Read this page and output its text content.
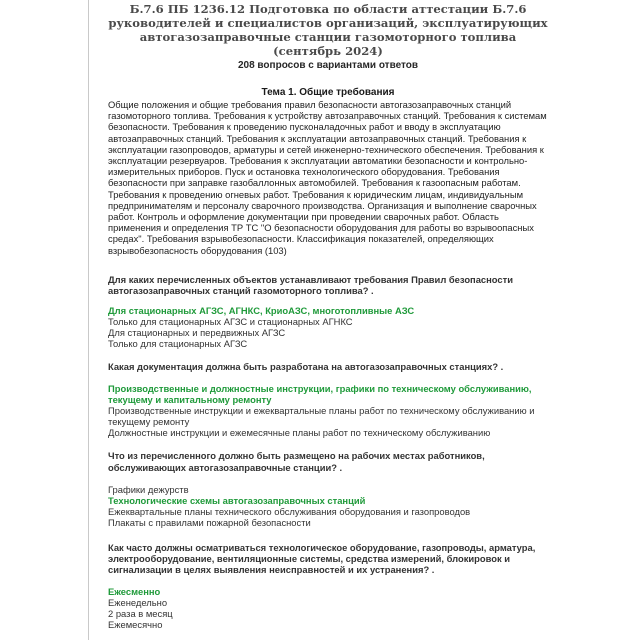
Б.7.6 ПБ 1236.12 Подготовка по области аттестации Б.7.6 руководителей и специалистов организаций, эксплуатирующих автогазозаправочные станции газомоторного топлива (сентябрь 2024)
208 вопросов с вариантами ответов
Тема 1. Общие требования
Общие положения и общие требования правил безопасности автогазозаправочных станций газомоторного топлива. Требования к устройству автозаправочных станций. Требования к системам безопасности. Требования к проведению пусконаладочных работ и вводу в эксплуатацию автозаправочных станций. Требования к эксплуатации автозаправочных станций. Требования к эксплуатации газопроводов, арматуры и сетей инженерно-технического обеспечения. Требования к эксплуатации резервуаров. Требования к эксплуатации автоматики безопасности и контрольно-измерительных приборов. Пуск и остановка технологического оборудования. Требования безопасности при заправке газобаллонных автомобилей. Требования к газоопасным работам. Требования к проведению огневых работ. Требования к юридическим лицам, индивидуальным предпринимателям и персоналу сварочного производства. Организация и выполнение сварочных работ. Контроль и оформление документации при проведении сварочных работ. Область применения и определения ТР ТС "О безопасности оборудования для работы во взрывоопасных средах". Требования взрывобезопасности. Классификация показателей, определяющих взрывобезопасность оборудования (103)
Для каких перечисленных объектов устанавливают требования Правил безопасности автогазозаправочных станций газомоторного топлива? .
Для стационарных АГЗС, АГНКС, КриоАЗС, многотопливные АЗС
Только для стационарных АГЗС и стационарных АГНКС
Для стационарных и передвижных АГЗС
Только для стационарных АГЗС
Какая документация должна быть разработана на автогазозаправочных станциях? .
Производственные и должностные инструкции, графики по техническому обслуживанию, текущему и капитальному ремонту
Производственные инструкции и ежеквартальные планы работ по техническому обслуживанию и текущему ремонту
Должностные инструкции и ежемесячные планы работ по техническому обслуживанию
Что из перечисленного должно быть размещено на рабочих местах работников, обслуживающих автогазозаправочные станции? .
Графики дежурств
Технологические схемы автогазозаправочных станций
Ежеквартальные планы технического обслуживания оборудования и газопроводов
Плакаты с правилами пожарной безопасности
Как часто должны осматриваться технологическое оборудование, газопроводы, арматура, электрооборудование, вентиляционные системы, средства измерений, блокировок и сигнализации в целях выявления неисправностей и их устранения? .
Ежесменно
Еженедельно
2 раза в месяц
Ежемесячно
